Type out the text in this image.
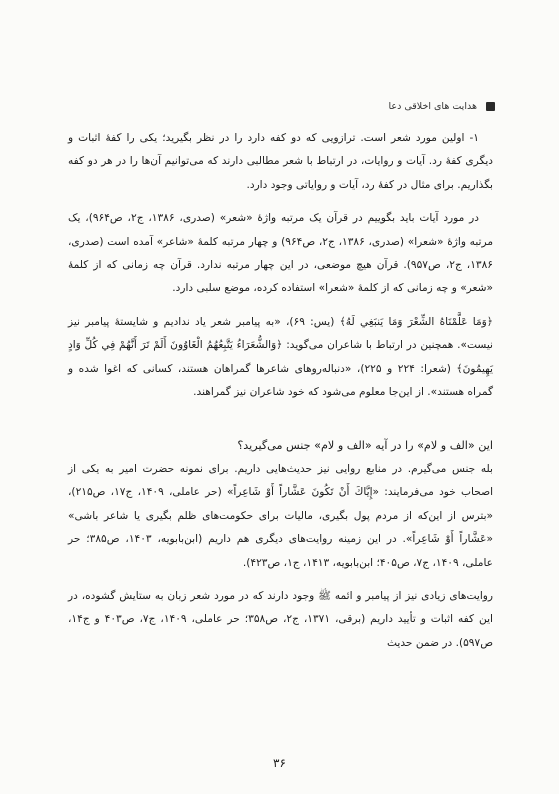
هدایت ‌های اخلاقی دعا

۱- اولین مورد شعر است. ترازویی که دو کفه دارد را در نظر بگیرید؛ یکی را کفهٔ اثبات و دیگری کفهٔ رد. آیات و روایات، در ارتباط با شعر مطالبی دارند که می‌توانیم آن‌ها را در هر دو کفه بگذاریم. برای مثال در کفهٔ رد، آیات و روایاتی وجود دارد.

در مورد آیات باید بگوییم در قرآن یک مرتبه واژهٔ «شعر» (صدری، ۱۳۸۶، ج۲، ص۹۶۴)، یک مرتبه واژهٔ «شعرا» (صدری، ۱۳۸۶، ج۲، ص۹۶۴) و چهار مرتبه کلمهٔ «شاعر» آمده است (صدری، ۱۳۸۶، ج۲، ص۹۵۷). قرآن هیچ موضعی، در این چهار مرتبه ندارد. قرآن چه زمانی که از کلمهٔ «شعر» و چه زمانی که از کلمهٔ «شعرا» استفاده کرده، موضع سلبی دارد.

﴿وَمَا عَلَّمْنَاهُ الشِّعْرَ وَمَا يَنبَغِي لَهُ﴾ (یس: ۶۹)، «به پیامبر شعر یاد ندادیم و شایستهٔ پیامبر نیز نیست». همچنین در ارتباط با شاعران می‌گوید: ﴿وَالشُّعَرَاءُ يَتَّبِعُهُمُ الْغَاوُونَ أَلَمْ تَرَ أَنَّهُمْ فِي كُلِّ وَادٍ يَهِيمُونَ﴾ (شعرا: ۲۲۴ و ۲۲۵)، «دنباله‌روهای شاعرها گمراهان هستند، کسانی که اغوا شده و گمراه هستند». از این‌جا معلوم می‌شود که خود شاعران نیز گمراهند.

این «الف و لام» را در آیه «الف و لام» جنس می‌گیرید؟

بله جنس می‌گیرم. در منابع روایی نیز حدیث‌هایی داریم. برای نمونه حضرت امیر به یکی از اصحاب خود می‌فرمایند: «إِيَّاكَ أَنْ تَكُونَ عَشَّاراً أَوْ شَاعِراً» (حر عاملی، ۱۴۰۹، ج۱۷، ص۲۱۵)، «بترس از این‌که از مردم پول بگیری، مالیات برای حکومت‌های ظلم بگیری یا شاعر باشی» «عَشَّاراً أَوْ شَاعِراً». در این زمینه روایت‌های دیگری هم داریم (ابن‌بابویه، ۱۴۰۳، ص۳۸۵؛ حر عاملی، ۱۴۰۹، ج۷، ص۴۰۵؛ ابن‌بابویه، ۱۴۱۳، ج۱، ص۴۲۳).

روایت‌های زیادی نیز از پیامبر و ائمه ﷺ وجود دارند که در مورد شعر زبان به ستایش گشوده، در این کفه اثبات و تأیید داریم (برقی، ۱۳۷۱، ج۲، ص۳۵۸؛ حر عاملی، ۱۴۰۹، ج۷، ص۴۰۳ و ج۱۴، ص۵۹۷). در ضمن حدیث

۳۶
